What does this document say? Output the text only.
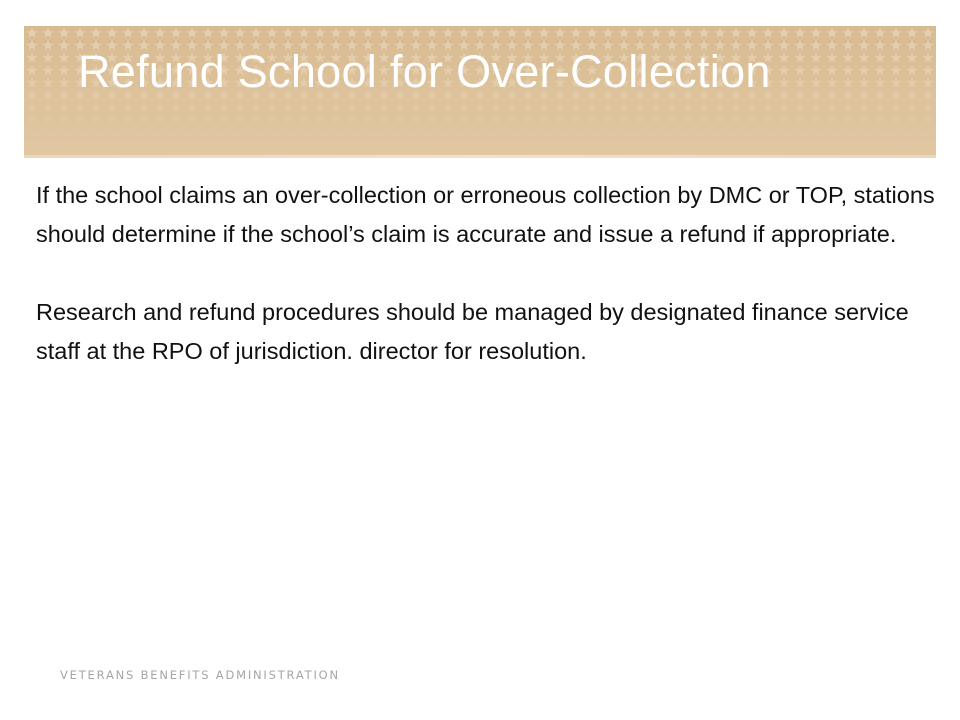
Refund School for Over-Collection

If the school claims an over-collection or erroneous collection by DMC or TOP, stations should determine if the school’s claim is accurate and issue a refund if appropriate.

Research and refund procedures should be managed by designated finance service staff at the RPO of jurisdiction. director for resolution.

VETERANS BENEFITS ADMINISTRATION
